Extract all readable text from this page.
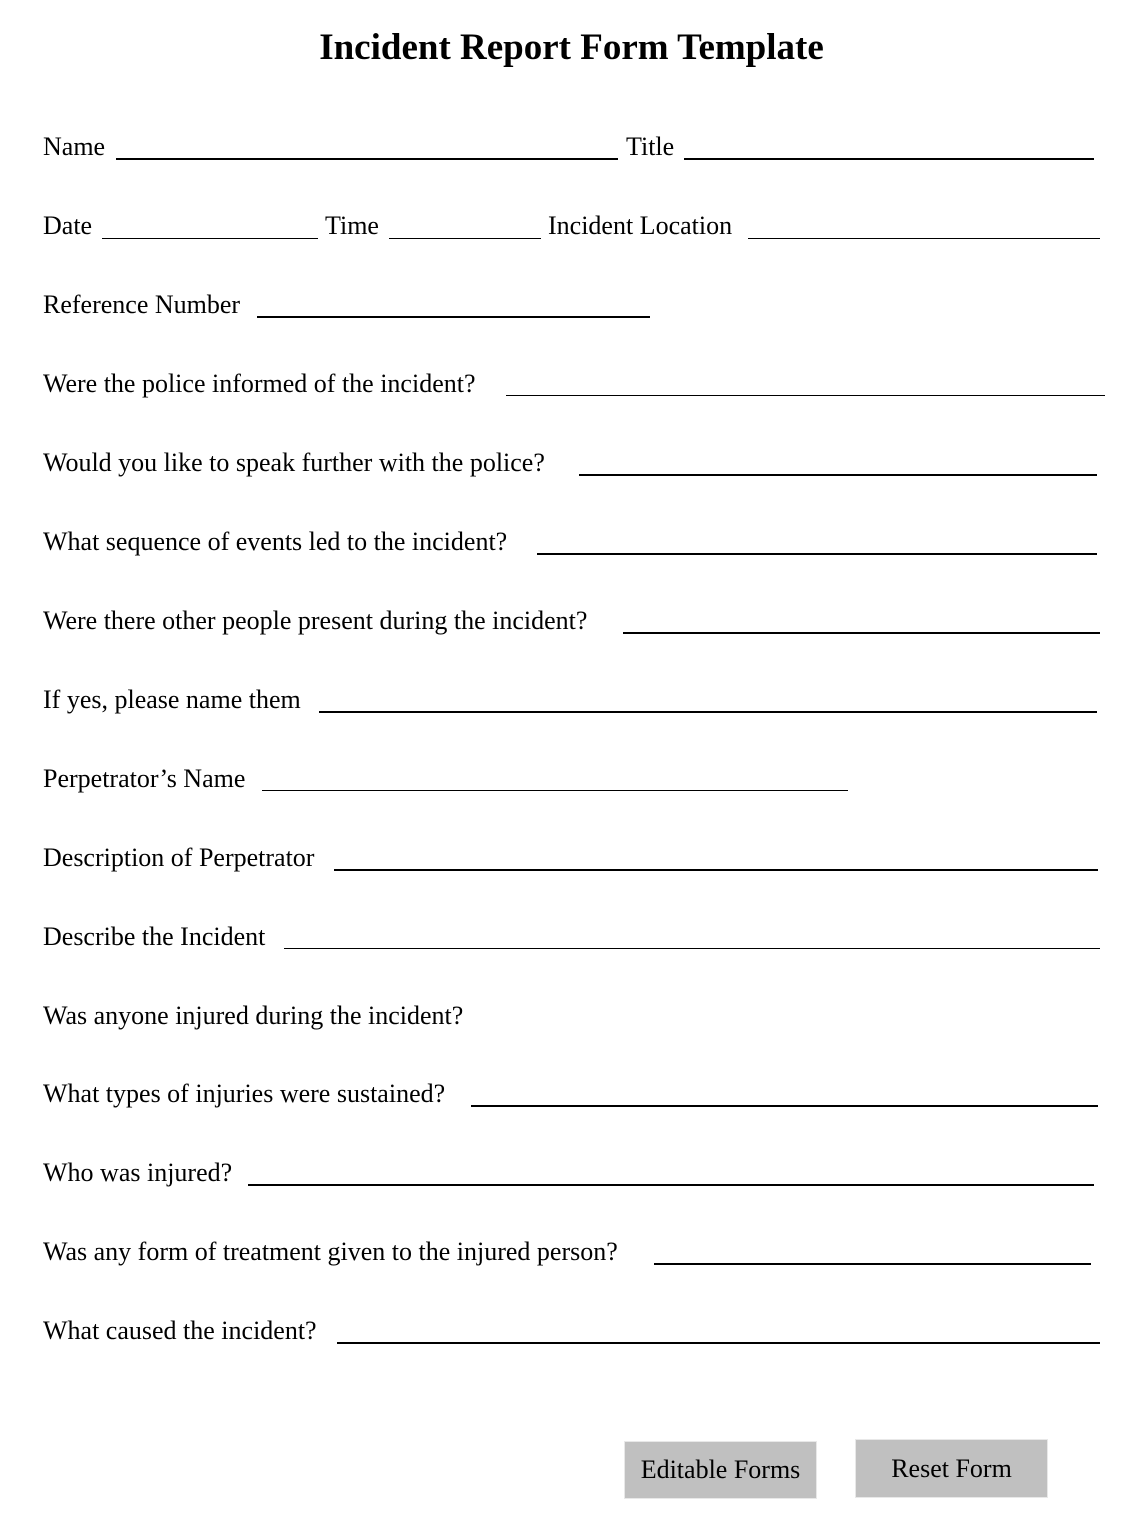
Incident Report Form Template
Name	Title
Date	Time	Incident Location
Reference Number
Were the police informed of the incident?
Would you like to speak further with the police?
What sequence of events led to the incident?
Were there other people present during the incident?
If yes, please name them
Perpetrator’s Name
Description of Perpetrator
Describe the Incident
Was anyone injured during the incident?
What types of injuries were sustained?
Who was injured?
Was any form of treatment given to the injured person?
What caused the incident?
Editable Forms	Reset Form
